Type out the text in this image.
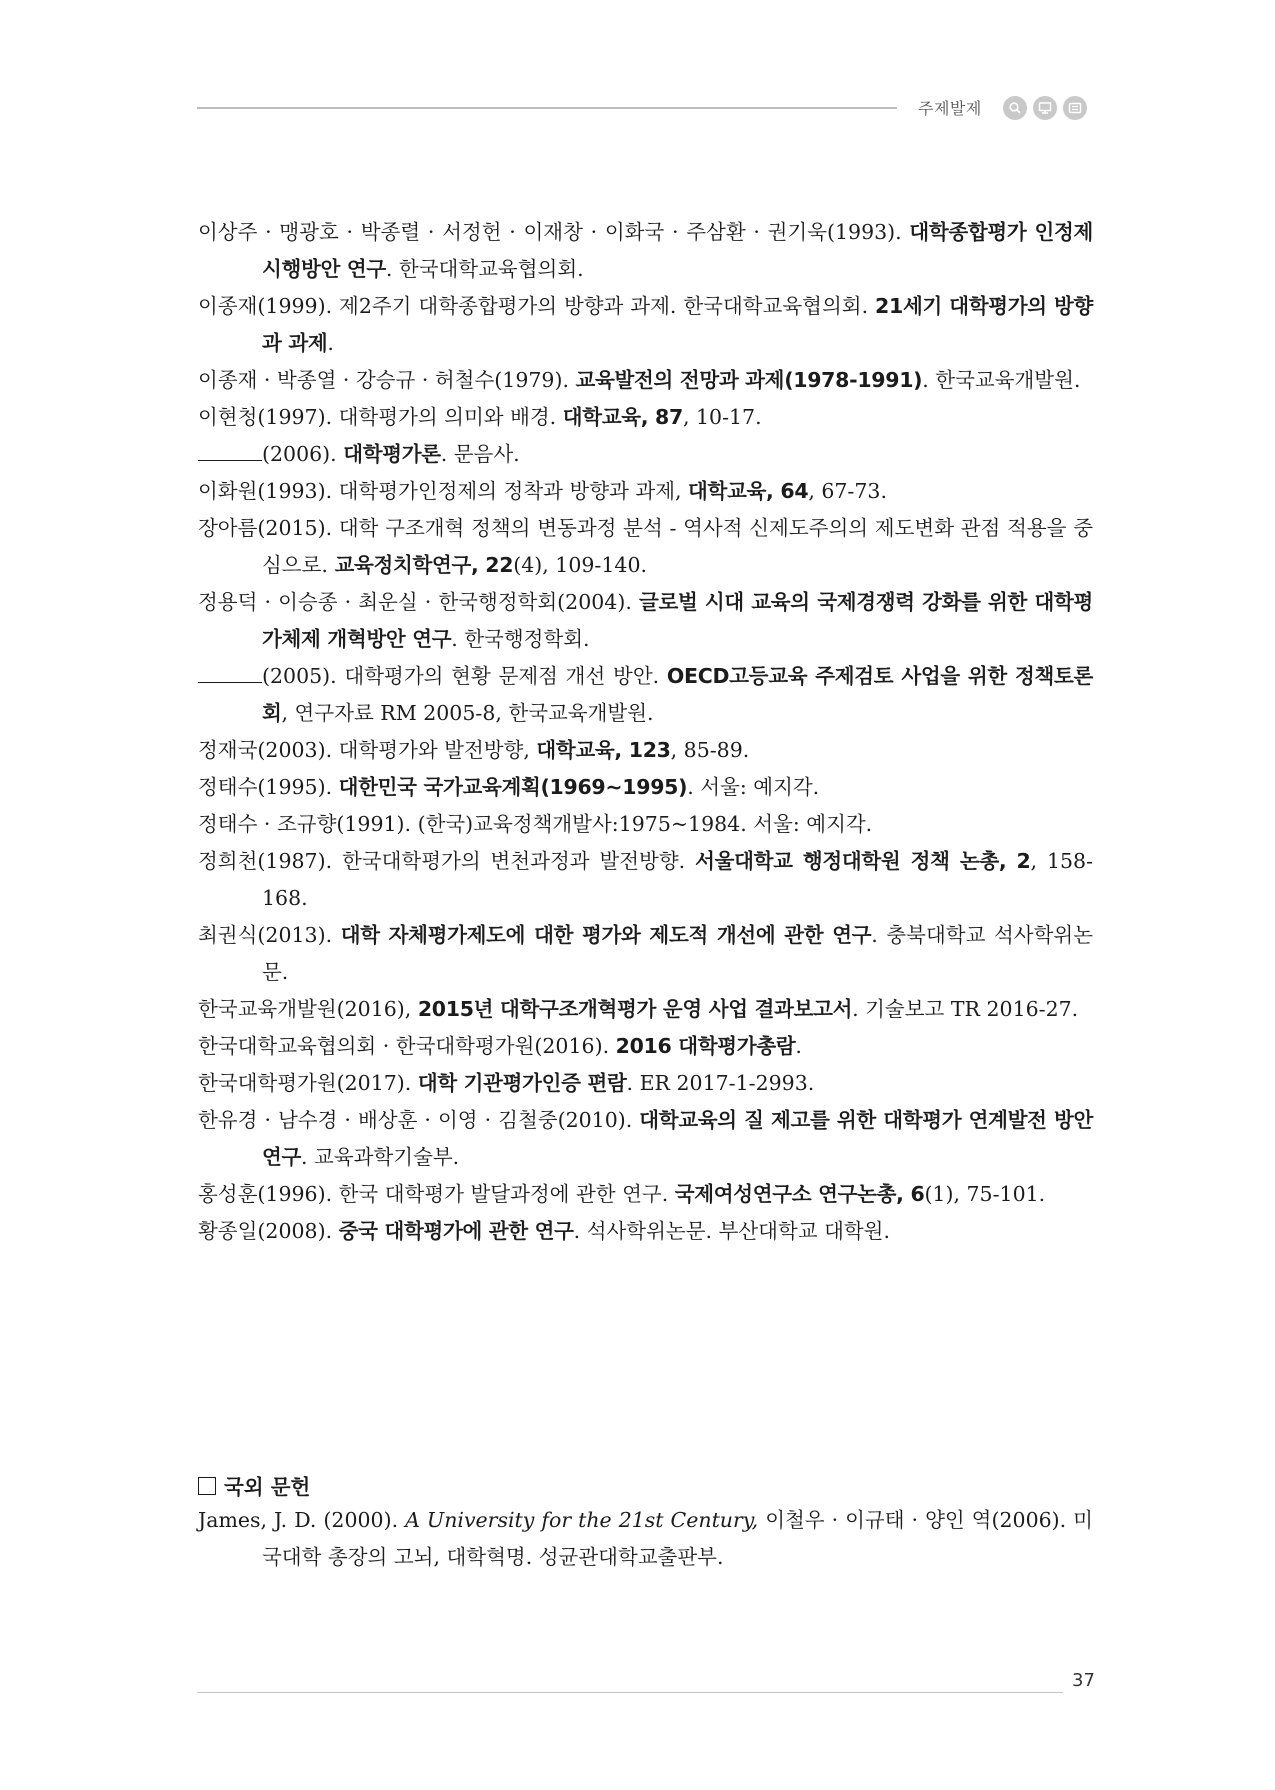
주제발제

이상주 · 맹광호 · 박종렬 · 서정헌 · 이재창 · 이화국 · 주삼환 · 권기욱(1993). 대학종합평가 인정제 시행방안 연구. 한국대학교육협의회.

이종재(1999). 제2주기 대학종합평가의 방향과 과제. 한국대학교육협의회. 21세기 대학평가의 방향과 과제.

이종재 · 박종열 · 강승규 · 허철수(1979). 교육발전의 전망과 과제(1978-1991). 한국교육개발원.

이현청(1997). 대학평가의 의미와 배경. 대학교육, 87, 10-17.

(2006). 대학평가론. 문음사.

이화원(1993). 대학평가인정제의 정착과 방향과 과제, 대학교육, 64, 67-73.

장아름(2015). 대학 구조개혁 정책의 변동과정 분석 - 역사적 신제도주의의 제도변화 관점 적용을 중심으로. 교육정치학연구, 22(4), 109-140.

정용덕 · 이승종 · 최운실 · 한국행정학회(2004). 글로벌 시대 교육의 국제경쟁력 강화를 위한 대학평가체제 개혁방안 연구. 한국행정학회.

(2005). 대학평가의 현황 문제점 개선 방안. OECD고등교육 주제검토 사업을 위한 정책토론회, 연구자료 RM 2005-8, 한국교육개발원.

정재국(2003). 대학평가와 발전방향, 대학교육, 123, 85-89.

정태수(1995). 대한민국 국가교육계획(1969∼1995). 서울: 예지각.

정태수 · 조규향(1991). (한국)교육정책개발사:1975~1984. 서울: 예지각.

정희천(1987). 한국대학평가의 변천과정과 발전방향. 서울대학교 행정대학원 정책 논총, 2, 158-168.

최권식(2013). 대학 자체평가제도에 대한 평가와 제도적 개선에 관한 연구. 충북대학교 석사학위논문.

한국교육개발원(2016), 2015년 대학구조개혁평가 운영 사업 결과보고서. 기술보고 TR 2016-27.

한국대학교육협의회 · 한국대학평가원(2016). 2016 대학평가총람.

한국대학평가원(2017). 대학 기관평가인증 편람. ER 2017-1-2993.

한유경 · 남수경 · 배상훈 · 이영 · 김철중(2010). 대학교육의 질 제고를 위한 대학평가 연계발전 방안 연구. 교육과학기술부.

홍성훈(1996). 한국 대학평가 발달과정에 관한 연구. 국제여성연구소 연구논총, 6(1), 75-101.

황종일(2008). 중국 대학평가에 관한 연구. 석사학위논문. 부산대학교 대학원.

국외 문헌

James, J. D. (2000). A University for the 21st Century, 이철우 · 이규태 · 양인 역(2006). 미국대학 총장의 고뇌, 대학혁명. 성균관대학교출판부.

37
